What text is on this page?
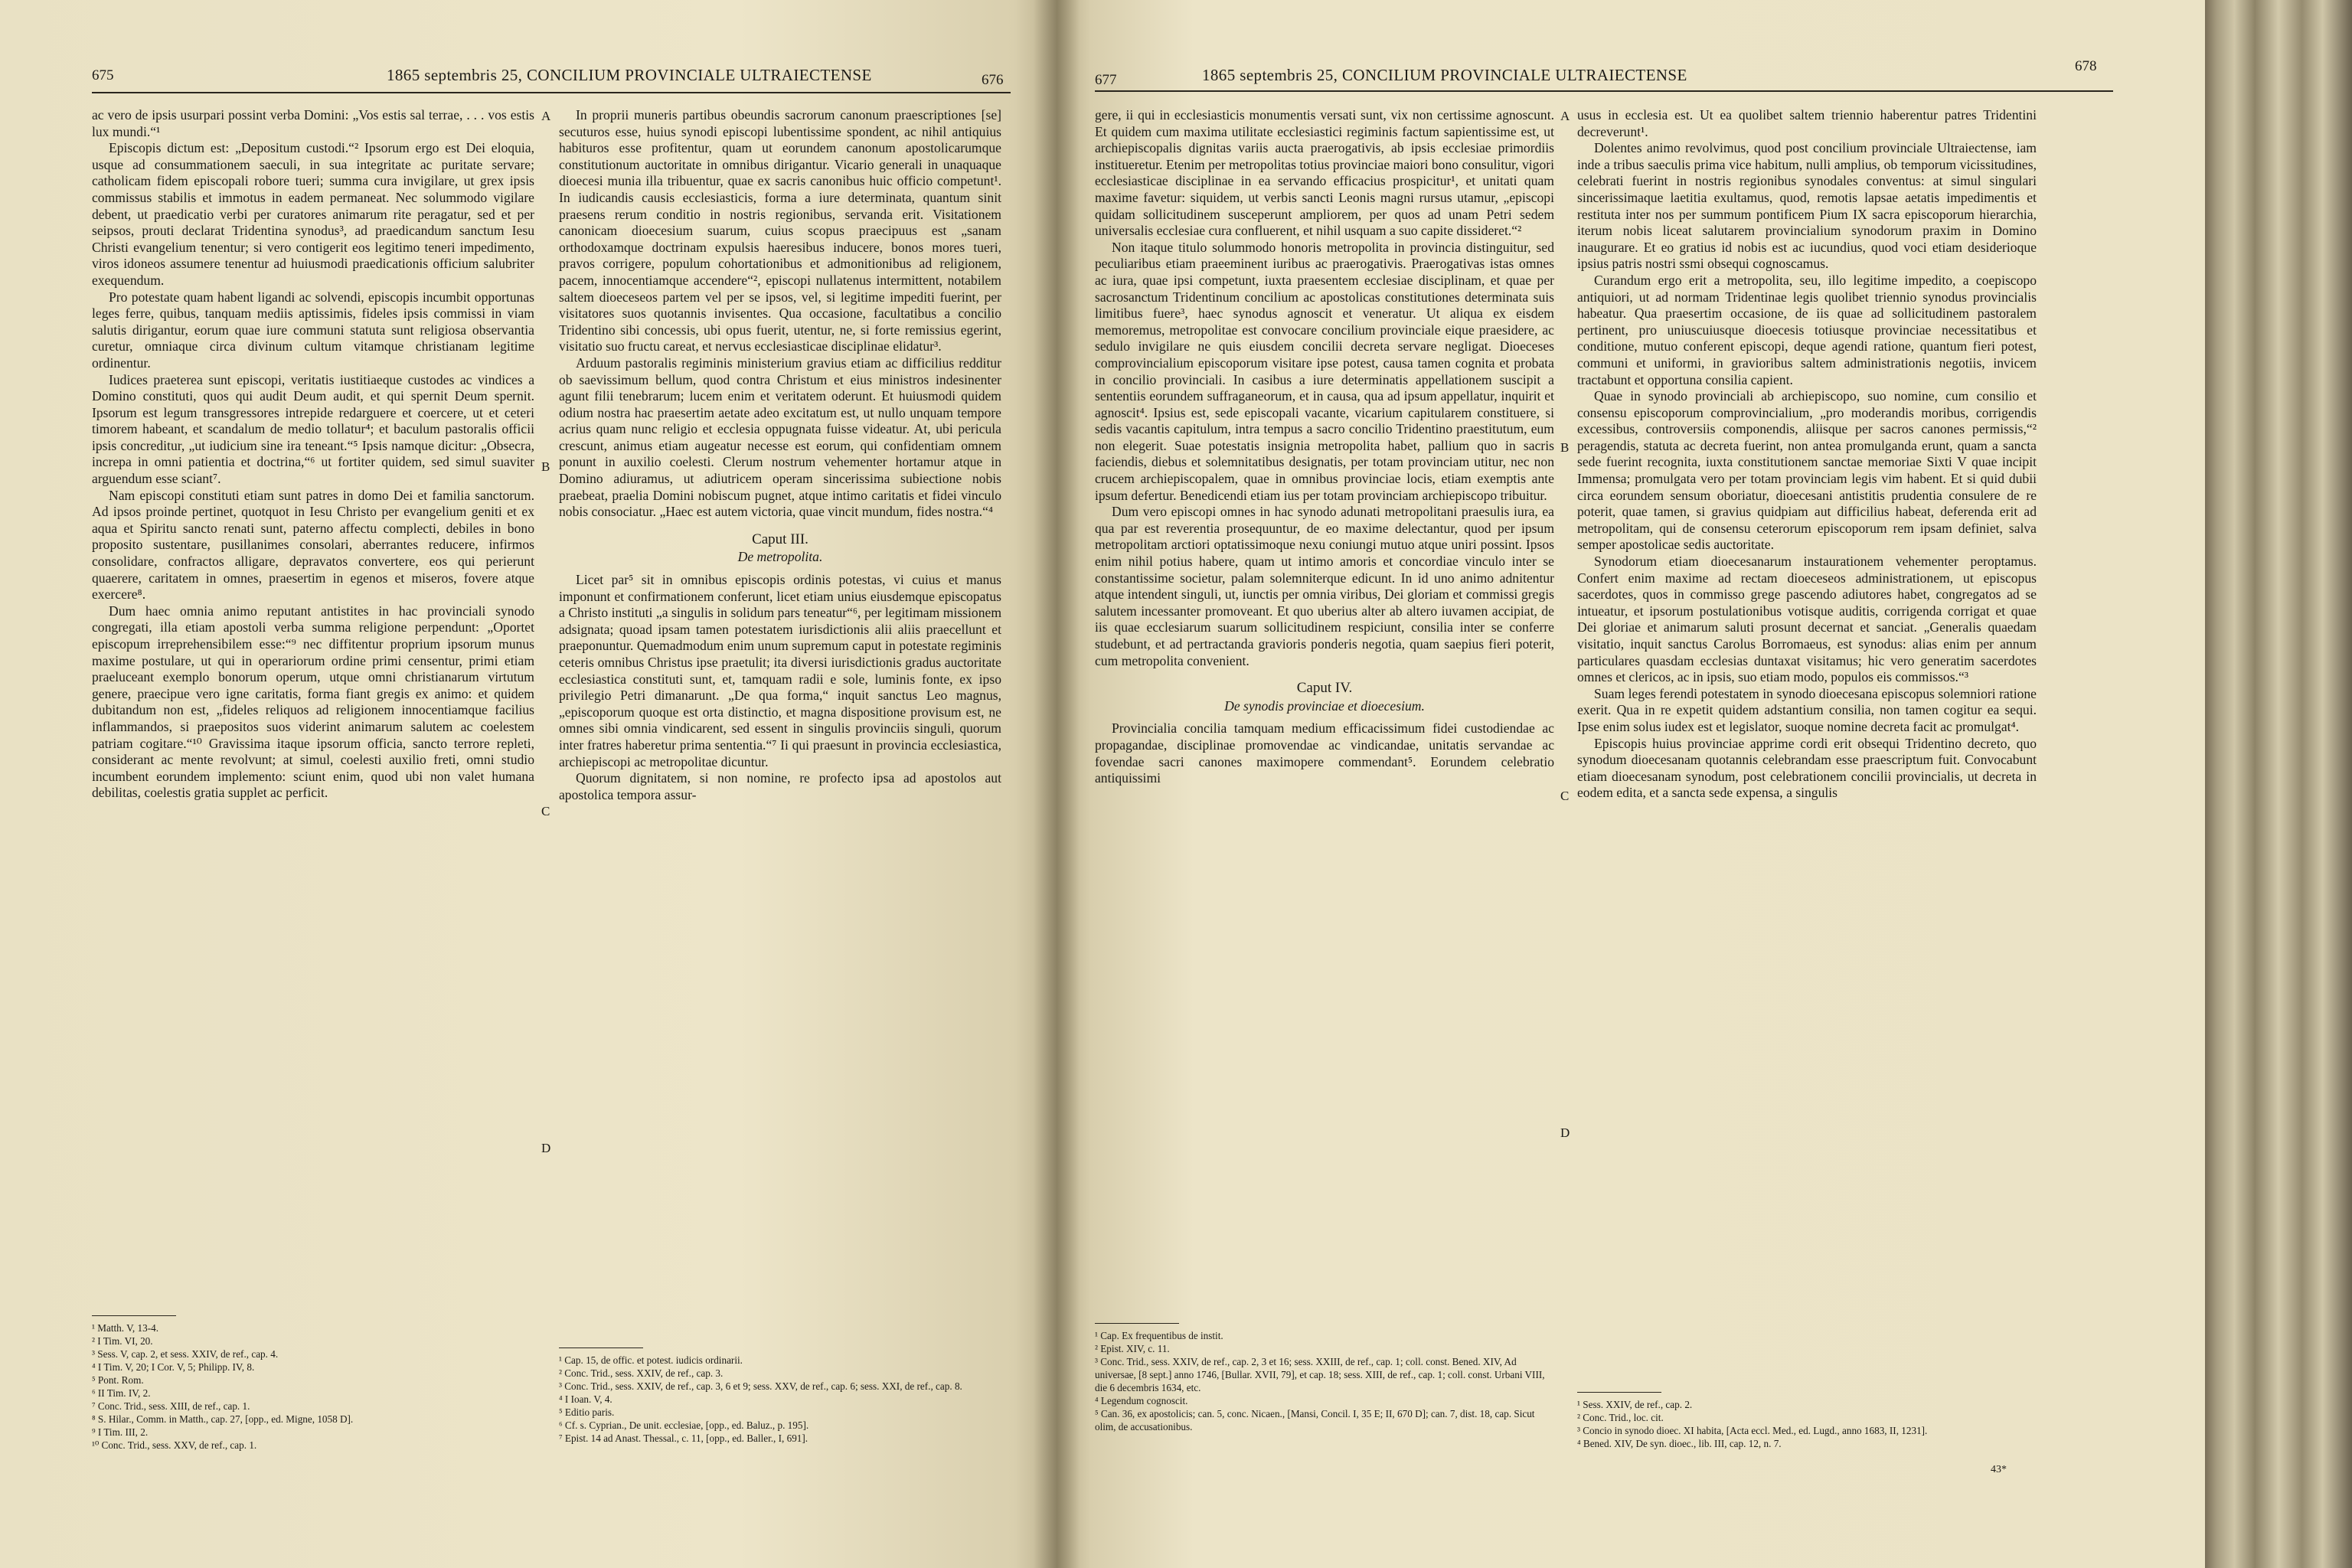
675	1865 septembris 25, CONCILIUM PROVINCIALE ULTRAIECTENSE	676

ac vero de ipsis usurpari possint verba Domini: „Vos estis sal terrae, . . . vos estis lux mundi.“¹

Episcopis dictum est: „Depositum custodi.“² Ipsorum ergo est Dei eloquia, usque ad consummationem saeculi, in sua integritate ac puritate servare; catholicam fidem episcopali robore tueri; summa cura invigilare, ut grex ipsis commissus stabilis et immotus in eadem permaneat. Nec solummodo vigilare debent, ut praedicatio verbi per curatores animarum rite peragatur, sed et per seipsos, prouti declarat Tridentina synodus³, ad praedicandum sanctum Iesu Christi evangelium tenentur; si vero contigerit eos legitimo teneri impedimento, viros idoneos assumere tenentur ad huiusmodi praedicationis officium salubriter exequendum.

Pro potestate quam habent ligandi ac solvendi, episcopis incumbit opportunas leges ferre, quibus, tanquam mediis aptissimis, fideles ipsis commissi in viam salutis dirigantur, eorum quae iure communi statuta sunt religiosa observantia curetur, omniaque circa divinum cultum vitamque christianam legitime ordinentur.

Iudices praeterea sunt episcopi, veritatis iustitiaeque custodes ac vindices a Domino constituti, quos qui audit Deum audit, et qui spernit Deum spernit. Ipsorum est legum transgressores intrepide redarguere et coercere, ut et ceteri timorem habeant, et scandalum de medio tollatur⁴; et baculum pastoralis officii ipsis concreditur, „ut iudicium sine ira teneant.“⁵ Ipsis namque dicitur: „Obsecra, increpa in omni patientia et doctrina,“⁶ ut fortiter quidem, sed simul suaviter arguendum esse sciant⁷.

Nam episcopi constituti etiam sunt patres in domo Dei et familia sanctorum. Ad ipsos proinde pertinet, quotquot in Iesu Christo per evangelium geniti et ex aqua et Spiritu sancto renati sunt, paterno affectu complecti, debiles in bono proposito sustentare, pusillanimes consolari, aberrantes reducere, infirmos consolidare, confractos alligare, depravatos convertere, eos qui perierunt quaerere, caritatem in omnes, praesertim in egenos et miseros, fovere atque exercere⁸.

Dum haec omnia animo reputant antistites in hac provinciali synodo congregati, illa etiam apostoli verba summa religione perpendunt: „Oportet episcopum irreprehensibilem esse:“⁹ nec diffitentur proprium ipsorum munus maxime postulare, ut qui in operariorum ordine primi censentur, primi etiam praeluceant exemplo bonorum operum, utque omni christianarum virtutum genere, praecipue vero igne caritatis, forma fiant gregis ex animo: et quidem dubitandum non est, „fideles reliquos ad religionem innocentiamque facilius inflammandos, si praepositos suos viderint animarum salutem ac coelestem patriam cogitare.“¹⁰ Gravissima itaque ipsorum officia, sancto terrore repleti, considerant ac mente revolvunt; at simul, coelesti auxilio freti, omni studio incumbent eorundem implemento: sciunt enim, quod ubi non valet humana debilitas, coelestis gratia supplet ac perficit.

A
B
C
D

In proprii muneris partibus obeundis sacrorum canonum praescriptiones [se] secuturos esse, huius synodi episcopi lubentissime spondent, ac nihil antiquius habituros esse profitentur, quam ut eorundem canonum apostolicarumque constitutionum auctoritate in omnibus dirigantur. Vicario generali in unaquaque dioecesi munia illa tribuentur, quae ex sacris canonibus huic officio competunt¹. In iudicandis causis ecclesiasticis, forma a iure determinata, quantum sinit praesens rerum conditio in nostris regionibus, servanda erit. Visitationem canonicam dioecesium suarum, cuius scopus praecipuus est „sanam orthodoxamque doctrinam expulsis haeresibus inducere, bonos mores tueri, pravos corrigere, populum cohortationibus et admonitionibus ad religionem, pacem, innocentiamque accendere“², episcopi nullatenus intermittent, notabilem saltem dioeceseos partem vel per se ipsos, vel, si legitime impediti fuerint, per visitatores suos quotannis invisentes. Qua occasione, facultatibus a concilio Tridentino sibi concessis, ubi opus fuerit, utentur, ne, si forte remissius egerint, visitatio suo fructu careat, et nervus ecclesiasticae disciplinae elidatur³.

Arduum pastoralis regiminis ministerium gravius etiam ac difficilius redditur ob saevissimum bellum, quod contra Christum et eius ministros indesinenter agunt filii tenebrarum; lucem enim et veritatem oderunt. Et huiusmodi quidem odium nostra hac praesertim aetate adeo excitatum est, ut nullo unquam tempore acrius quam nunc religio et ecclesia oppugnata fuisse videatur. At, ubi pericula crescunt, animus etiam augeatur necesse est eorum, qui confidentiam omnem ponunt in auxilio coelesti. Clerum nostrum vehementer hortamur atque in Domino adiuramus, ut adiutricem operam sincerissima subiectione nobis praebeat, praelia Domini nobiscum pugnet, atque intimo caritatis et fidei vinculo nobis consociatur. „Haec est autem victoria, quae vincit mundum, fides nostra.“⁴

Caput III.

De metropolita.

Licet par⁵ sit in omnibus episcopis ordinis potestas, vi cuius et manus imponunt et confirmationem conferunt, licet etiam unius eiusdemque episcopatus a Christo instituti „a singulis in solidum pars teneatur“⁶, per legitimam missionem adsignata; quoad ipsam tamen potestatem iurisdictionis alii aliis praecellunt et praeponuntur. Quemadmodum enim unum supremum caput in potestate regiminis ceteris omnibus Christus ipse praetulit; ita diversi iurisdictionis gradus auctoritate ecclesiastica constituti sunt, et, tamquam radii e sole, luminis fonte, ex ipso privilegio Petri dimanarunt. „De qua forma,“ inquit sanctus Leo magnus, „episcoporum quoque est orta distinctio, et magna dispositione provisum est, ne omnes sibi omnia vindicarent, sed essent in singulis provinciis singuli, quorum inter fratres haberetur prima sententia.“⁷ Ii qui praesunt in provincia ecclesiastica, archiepiscopi ac metropolitae dicuntur.

Quorum dignitatem, si non nomine, re profecto ipsa ad apostolos aut apostolica tempora assur-

¹ Matth. V, 13-4.
² I Tim. VI, 20.
³ Sess. V, cap. 2, et sess. XXIV, de ref., cap. 4.
⁴ I Tim. V, 20; I Cor. V, 5; Philipp. IV, 8.
⁵ Pont. Rom.
⁶ II Tim. IV, 2.
⁷ Conc. Trid., sess. XIII, de ref., cap. 1.
⁸ S. Hilar., Comm. in Matth., cap. 27, [opp., ed. Migne, 1058 D].
⁹ I Tim. III, 2.
¹⁰ Conc. Trid., sess. XXV, de ref., cap. 1.
¹ Cap. 15, de offic. et potest. iudicis ordinarii.
² Conc. Trid., sess. XXIV, de ref., cap. 3.
³ Conc. Trid., sess. XXIV, de ref., cap. 3, 6 et 9; sess. XXV, de ref., cap. 6; sess. XXI, de ref., cap. 8.
⁴ I Ioan. V, 4.
⁵ Editio paris.
⁶ Cf. s. Cyprian., De unit. ecclesiae, [opp., ed. Baluz., p. 195].
⁷ Epist. 14 ad Anast. Thessal., c. 11, [opp., ed. Baller., I, 691].
677	1865 septembris 25, CONCILIUM PROVINCIALE ULTRAIECTENSE	678

gere, ii qui in ecclesiasticis monumentis versati sunt, vix non certissime agnoscunt. Et quidem cum maxima utilitate ecclesiastici regiminis factum sapientissime est, ut archiepiscopalis dignitas variis aucta praerogativis, ab ipsis ecclesiae primordiis institueretur. Etenim per metropolitas totius provinciae maiori bono consulitur, vigori ecclesiasticae disciplinae in ea servando efficacius prospicitur¹, et unitati quam maxime favetur: siquidem, ut verbis sancti Leonis magni rursus utamur, „episcopi quidam sollicitudinem susceperunt ampliorem, per quos ad unam Petri sedem universalis ecclesiae cura confluerent, et nihil usquam a suo capite dissideret.“²

Non itaque titulo solummodo honoris metropolita in provincia distinguitur, sed peculiaribus etiam praeeminent iuribus ac praerogativis. Praerogativas istas omnes ac iura, quae ipsi competunt, iuxta praesentem ecclesiae disciplinam, et quae per sacrosanctum Tridentinum concilium ac apostolicas constitutiones determinata suis limitibus fuere³, haec synodus agnoscit et veneratur. Ut aliqua ex eisdem memoremus, metropolitae est convocare concilium provinciale eique praesidere, ac sedulo invigilare ne quis eiusdem concilii decreta servare negligat. Dioeceses comprovincialium episcoporum visitare ipse potest, causa tamen cognita et probata in concilio provinciali. In casibus a iure determinatis appellationem suscipit a sententiis eorundem suffraganeorum, et in causa, qua ad ipsum appellatur, inquirit et agnoscit⁴. Ipsius est, sede episcopali vacante, vicarium capitularem constituere, si sedis vacantis capitulum, intra tempus a sacro concilio Tridentino praestitutum, eum non elegerit. Suae potestatis insignia metropolita habet, pallium quo in sacris faciendis, diebus et solemnitatibus designatis, per totam provinciam utitur, nec non crucem archiepiscopalem, quae in omnibus provinciae locis, etiam exemptis ante ipsum defertur. Benedicendi etiam ius per totam provinciam archiepiscopo tribuitur.

Dum vero episcopi omnes in hac synodo adunati metropolitani praesulis iura, ea qua par est reverentia prosequuntur, de eo maxime delectantur, quod per ipsum metropolitam arctiori optatissimoque nexu coniungi mutuo atque uniri possint. Ipsos enim nihil potius habere, quam ut intimo amoris et concordiae vinculo inter se constantissime societur, palam solemniterque edicunt. In id uno animo adnitentur atque intendent singuli, ut, iunctis per omnia viribus, Dei gloriam et commissi gregis salutem incessanter promoveant. Et quo uberius alter ab altero iuvamen accipiat, de iis quae ecclesiarum suarum sollicitudinem respiciunt, consilia inter se conferre studebunt, et ad pertractanda gravioris ponderis negotia, quam saepius fieri poterit, cum metropolita convenient.

Caput IV.

De synodis provinciae et dioecesium.

Provincialia concilia tamquam medium efficacissimum fidei custodiendae ac propagandae, disciplinae promovendae ac vindicandae, unitatis servandae ac fovendae sacri canones maximopere commendant⁵. Eorundem celebratio antiquissimi

A
B
C
D

usus in ecclesia est. Ut ea quolibet saltem triennio haberentur patres Tridentini decreverunt¹.

Dolentes animo revolvimus, quod post concilium provinciale Ultraiectense, iam inde a tribus saeculis prima vice habitum, nulli amplius, ob temporum vicissitudines, celebrati fuerint in nostris regionibus synodales conventus: at simul singulari sincerissimaque laetitia exultamus, quod, remotis lapsae aetatis impedimentis et restituta inter nos per summum pontificem Pium IX sacra episcoporum hierarchia, iterum nobis liceat salutarem provincialium synodorum praxim in Domino inaugurare. Et eo gratius id nobis est ac iucundius, quod voci etiam desiderioque ipsius patris nostri ssmi obsequi cognoscamus.

Curandum ergo erit a metropolita, seu, illo legitime impedito, a coepiscopo antiquiori, ut ad normam Tridentinae legis quolibet triennio synodus provincialis habeatur. Qua praesertim occasione, de iis quae ad sollicitudinem pastoralem pertinent, pro uniuscuiusque dioecesis totiusque provinciae necessitatibus et conditione, mutuo conferent episcopi, deque agendi ratione, quantum fieri potest, communi et uniformi, in gravioribus saltem administrationis negotiis, invicem tractabunt et opportuna consilia capient.

Quae in synodo provinciali ab archiepiscopo, suo nomine, cum consilio et consensu episcoporum comprovincialium, „pro moderandis moribus, corrigendis excessibus, controversiis componendis, aliisque per sacros canones permissis,“² peragendis, statuta ac decreta fuerint, non antea promulganda erunt, quam a sancta sede fuerint recognita, iuxta constitutionem sanctae memoriae Sixti V quae incipit Immensa; promulgata vero per totam provinciam legis vim habent. Et si quid dubii circa eorundem sensum oboriatur, dioecesani antistitis prudentia consulere de re poterit, quae tamen, si gravius quidpiam aut difficilius habeat, deferenda erit ad metropolitam, qui de consensu ceterorum episcoporum rem ipsam definiet, salva semper apostolicae sedis auctoritate.

Synodorum etiam dioecesanarum instaurationem vehementer peroptamus. Confert enim maxime ad rectam dioeceseos administrationem, ut episcopus sacerdotes, quos in commisso grege pascendo adiutores habet, congregatos ad se intueatur, et ipsorum postulationibus votisque auditis, corrigenda corrigat et quae Dei gloriae et animarum saluti prosunt decernat et sanciat. „Generalis quaedam visitatio, inquit sanctus Carolus Borromaeus, est synodus: alias enim per annum particulares quasdam ecclesias duntaxat visitamus; hic vero generatim sacerdotes omnes et clericos, ac in ipsis, suo etiam modo, populos eis commissos.“³

Suam leges ferendi potestatem in synodo dioecesana episcopus solemniori ratione exerit. Qua in re expetit quidem adstantium consilia, non tamen cogitur ea sequi. Ipse enim solus iudex est et legislator, suoque nomine decreta facit ac promulgat⁴.

Episcopis huius provinciae apprime cordi erit obsequi Tridentino decreto, quo synodum dioecesanam quotannis celebrandam esse praescriptum fuit. Convocabunt etiam dioecesanam synodum, post celebrationem concilii provincialis, ut decreta in eodem edita, et a sancta sede expensa, a singulis

¹ Cap. Ex frequentibus de instit.
² Epist. XIV, c. 11.
³ Conc. Trid., sess. XXIV, de ref., cap. 2, 3 et 16; sess. XXIII, de ref., cap. 1; coll. const. Bened. XIV, Ad universae, [8 sept.] anno 1746, [Bullar. XVII, 79], et cap. 18; sess. XIII, de ref., cap. 1; coll. const. Urbani VIII, die 6 decembris 1634, etc.
⁴ Legendum cognoscit.
⁵ Can. 36, ex apostolicis; can. 5, conc. Nicaen., [Mansi, Concil. I, 35 E; II, 670 D]; can. 7, dist. 18, cap. Sicut olim, de accusationibus.
¹ Sess. XXIV, de ref., cap. 2.
² Conc. Trid., loc. cit.
³ Concio in synodo dioec. XI habita, [Acta eccl. Med., ed. Lugd., anno 1683, II, 1231].
⁴ Bened. XIV, De syn. dioec., lib. III, cap. 12, n. 7.
43*
